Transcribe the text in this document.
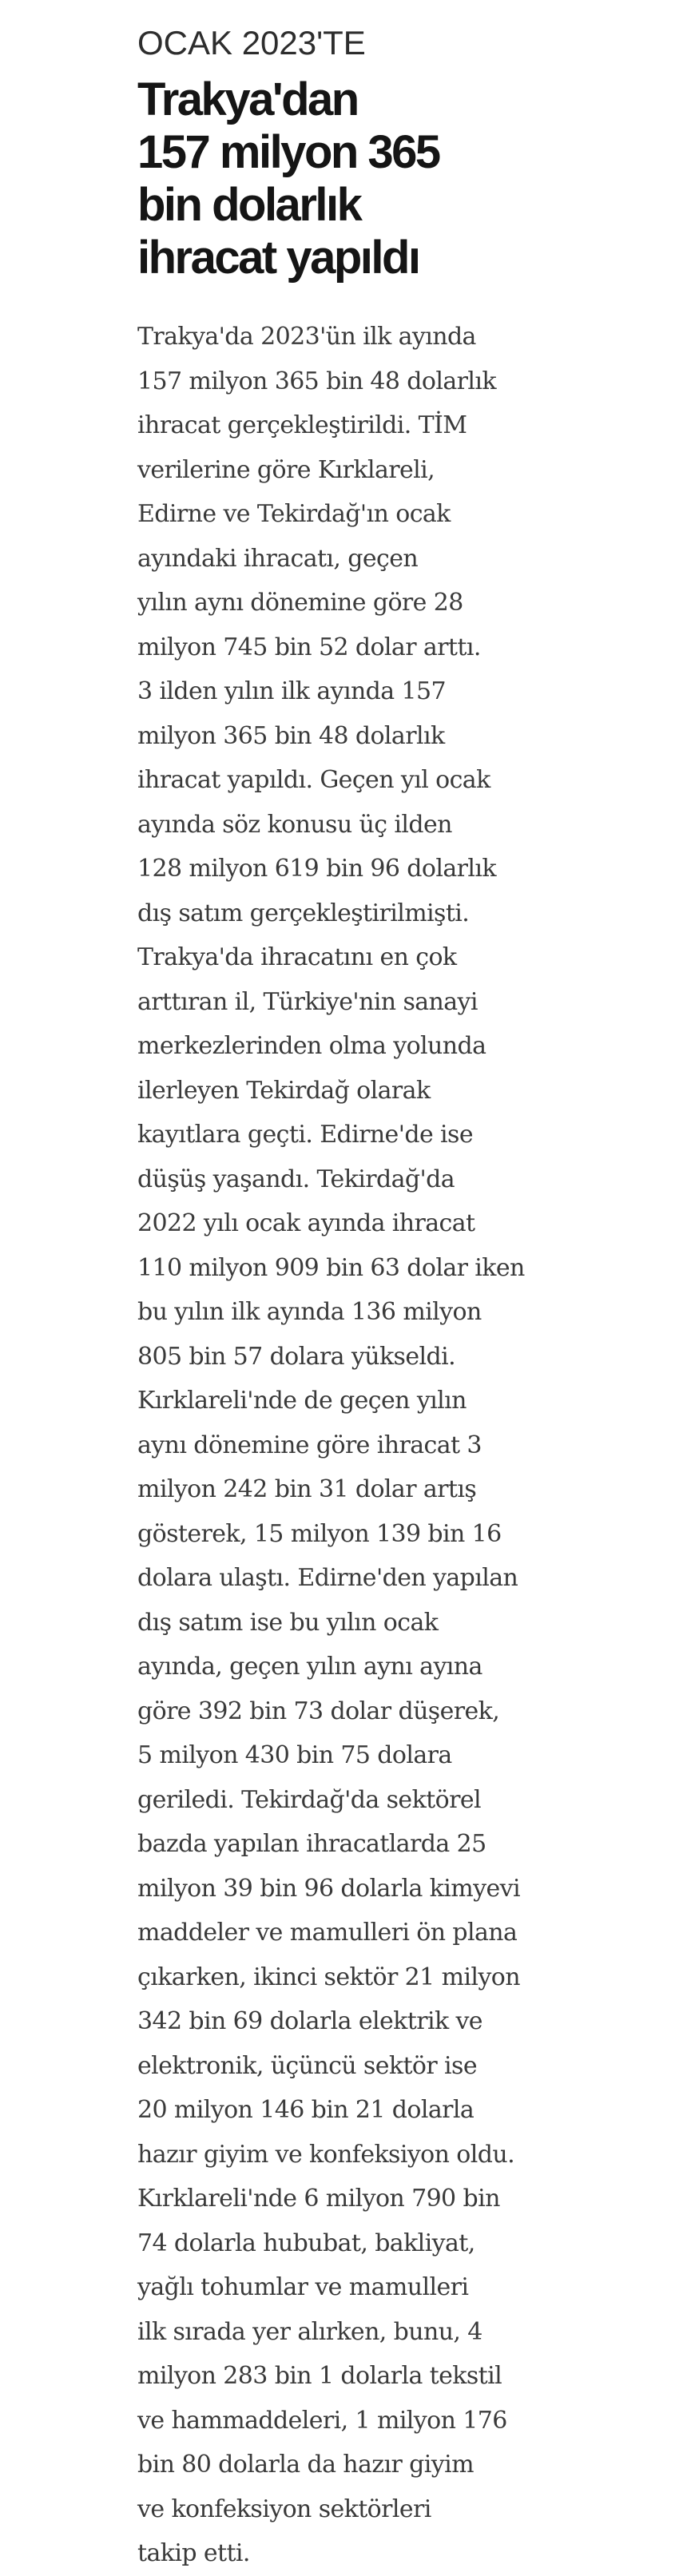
OCAK 2023'TE
Trakya'dan
157 milyon 365
bin dolarlık
ihracat yapıldı
Trakya'da 2023'ün ilk ayında
157 milyon 365 bin 48 dolarlık
ihracat gerçekleştirildi. TİM
verilerine göre Kırklareli,
Edirne ve Tekirdağ'ın ocak
ayındaki ihracatı, geçen
yılın aynı dönemine göre 28
milyon 745 bin 52 dolar arttı.
3 ilden yılın ilk ayında 157
milyon 365 bin 48 dolarlık
ihracat yapıldı. Geçen yıl ocak
ayında söz konusu üç ilden
128 milyon 619 bin 96 dolarlık
dış satım gerçekleştirilmişti.
Trakya'da ihracatını en çok
arttıran il, Türkiye'nin sanayi
merkezlerinden olma yolunda
ilerleyen Tekirdağ olarak
kayıtlara geçti. Edirne'de ise
düşüş yaşandı. Tekirdağ'da
2022 yılı ocak ayında ihracat
110 milyon 909 bin 63 dolar iken
bu yılın ilk ayında 136 milyon
805 bin 57 dolara yükseldi.
Kırklareli'nde de geçen yılın
aynı dönemine göre ihracat 3
milyon 242 bin 31 dolar artış
gösterek, 15 milyon 139 bin 16
dolara ulaştı. Edirne'den yapılan
dış satım ise bu yılın ocak
ayında, geçen yılın aynı ayına
göre 392 bin 73 dolar düşerek,
5 milyon 430 bin 75 dolara
geriledi. Tekirdağ'da sektörel
bazda yapılan ihracatlarda 25
milyon 39 bin 96 dolarla kimyevi
maddeler ve mamulleri ön plana
çıkarken, ikinci sektör 21 milyon
342 bin 69 dolarla elektrik ve
elektronik, üçüncü sektör ise
20 milyon 146 bin 21 dolarla
hazır giyim ve konfeksiyon oldu.
Kırklareli'nde 6 milyon 790 bin
74 dolarla hububat, bakliyat,
yağlı tohumlar ve mamulleri
ilk sırada yer alırken, bunu, 4
milyon 283 bin 1 dolarla tekstil
ve hammaddeleri, 1 milyon 176
bin 80 dolarla da hazır giyim
ve konfeksiyon sektörleri
takip etti.
